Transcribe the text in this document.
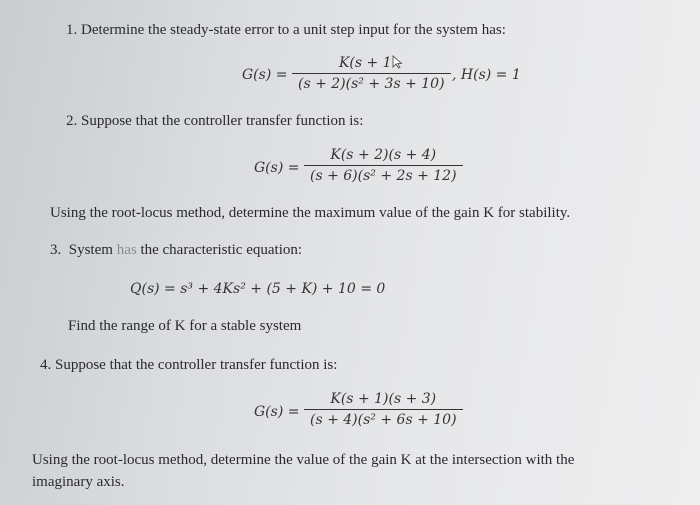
1. Determine the steady-state error to a unit step input for the system has:
$G(s) = \frac{K(s + 1}{\text{(s + 2)(s² + 3s + 10)}}$ , H(s) = 1
2. Suppose that the controller transfer function is:
$G(s) = \frac{K(s + 2)(s + 4)}{\text{(s + 6)(s² + 2s + 12)}}$
Using the root-locus method, determine the maximum value of the gain K for stability.
3. System has the characteristic equation:
Q(s) = s³ + 4Ks² + (5 + K) + 10 = 0
Find the range of K for a stable system
4. Suppose that the controller transfer function is:
$G(s) = \frac{K(s + 1)(s + 3)}{\text{(s + 4)(s² + 6s + 10)}}$
Using the root-locus method, determine the value of the gain K at the intersection with the
imaginary axis.
